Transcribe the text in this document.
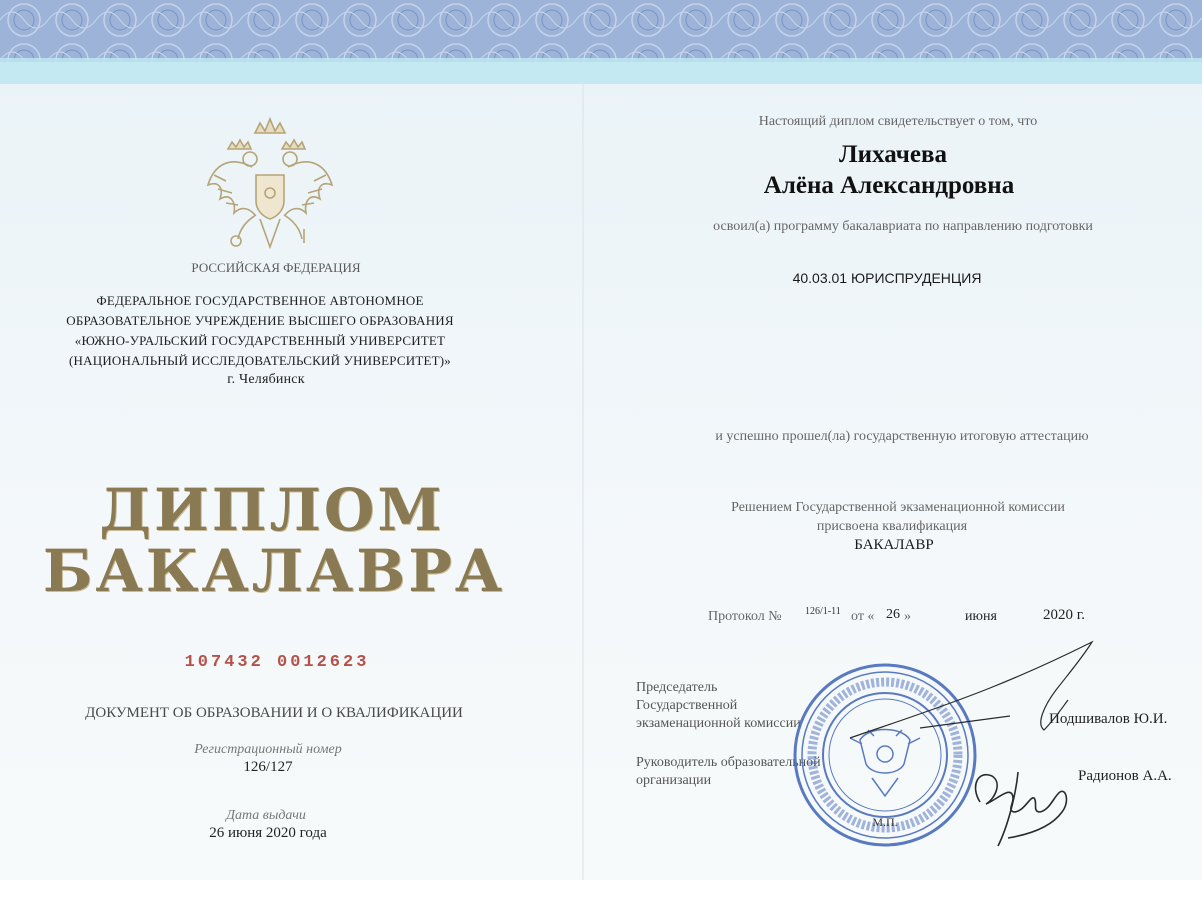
РОССИЙСКАЯ ФЕДЕРАЦИЯ
ФЕДЕРАЛЬНОЕ ГОСУДАРСТВЕННОЕ АВТОНОМНОЕ
ОБРАЗОВАТЕЛЬНОЕ УЧРЕЖДЕНИЕ ВЫСШЕГО ОБРАЗОВАНИЯ
«ЮЖНО-УРАЛЬСКИЙ ГОСУДАРСТВЕННЫЙ УНИВЕРСИТЕТ
(НАЦИОНАЛЬНЫЙ ИССЛЕДОВАТЕЛЬСКИЙ УНИВЕРСИТЕТ)»
г. Челябинск
ДИПЛОМ
БАКАЛАВРА
107432 0012623
ДОКУМЕНТ ОБ ОБРАЗОВАНИИ И О КВАЛИФИКАЦИИ
Регистрационный номер
126/127
Дата выдачи
26 июня 2020 года
Настоящий диплом свидетельствует о том, что
Лихачева
Алёна Александровна
освоил(а) программу бакалавриата по направлению подготовки
40.03.01 ЮРИСПРУДЕНЦИЯ
и успешно прошел(ла) государственную итоговую аттестацию
Решением Государственной экзаменационной комиссии
присвоена квалификация
БАКАЛАВР
Протокол № 126/1-11 от « 26 »	июня	2020 г.
Председатель
Государственной
экзаменационной комиссии	Подшивалов Ю.И.
Руководитель образовательной
организации	Радионов А.А.
М.П.
